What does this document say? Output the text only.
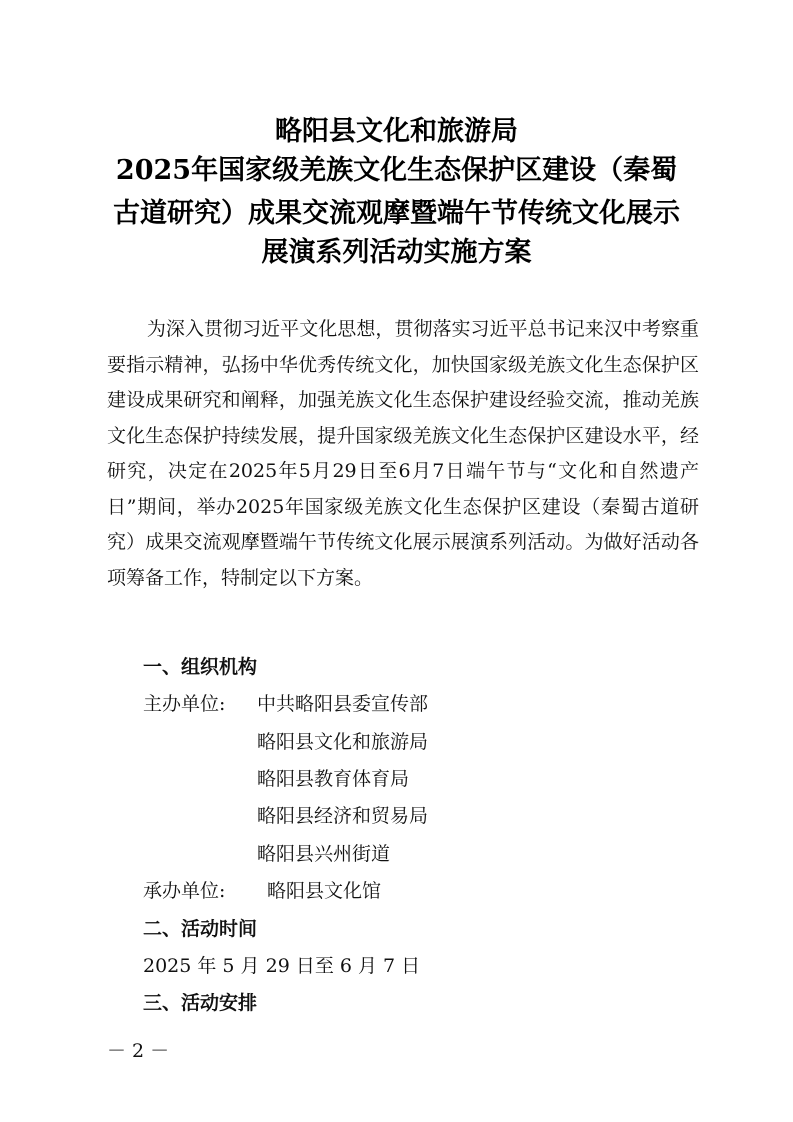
略阳县文化和旅游局
2025年国家级羌族文化生态保护区建设（秦蜀
古道研究）成果交流观摩暨端午节传统文化展示
展演系列活动实施方案

为深入贯彻习近平文化思想，贯彻落实习近平总书记来汉中考察重要指示精神，弘扬中华优秀传统文化，加快国家级羌族文化生态保护区建设成果研究和阐释，加强羌族文化生态保护建设经验交流，推动羌族文化生态保护持续发展，提升国家级羌族文化生态保护区建设水平，经研究，决定在2025年5月29日至6月7日端午节与“文化和自然遗产日”期间，举办2025年国家级羌族文化生态保护区建设（秦蜀古道研究）成果交流观摩暨端午节传统文化展示展演系列活动。为做好活动各项筹备工作，特制定以下方案。

一、组织机构
主办单位: 中共略阳县委宣传部
略阳县文化和旅游局
略阳县教育体育局
略阳县经济和贸易局
略阳县兴州街道
承办单位: 略阳县文化馆
二、活动时间
2025 年 5 月 29 日至 6 月 7 日
三、活动安排
－ 2 －
